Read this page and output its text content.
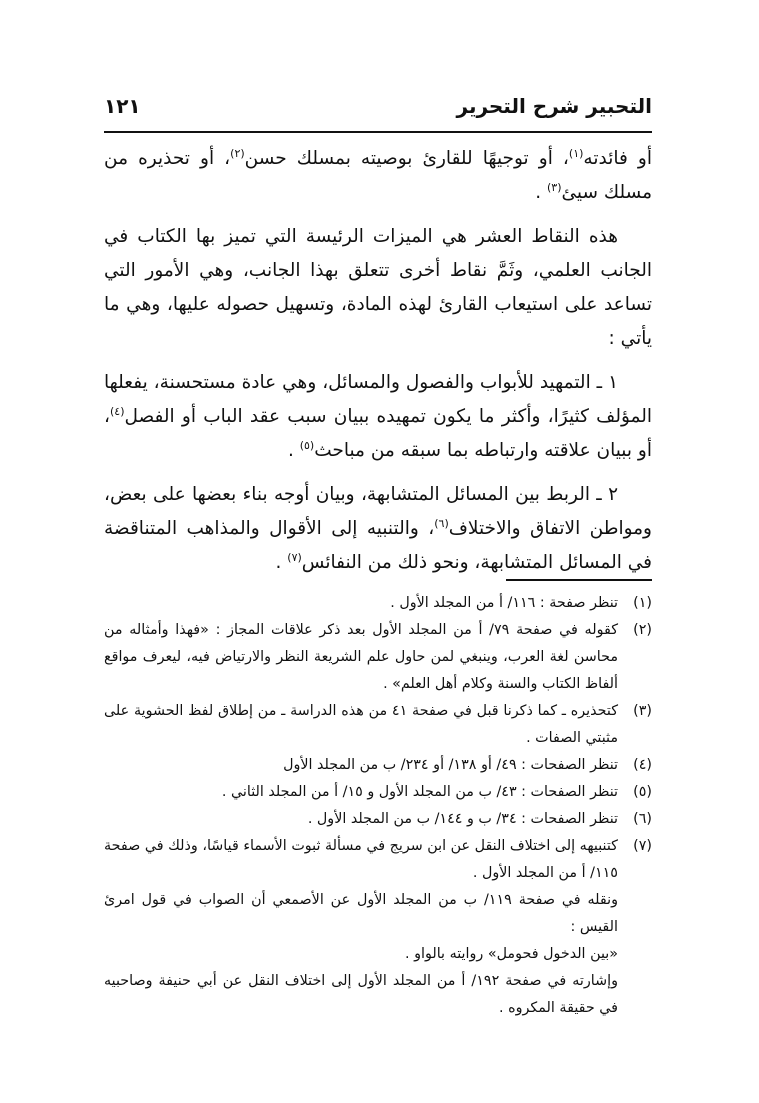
التحبير شرح التحرير
١٢١

أو فائدته$^{(١)}$، أو توجيهًا للقارئ بوصيته بمسلك حسن$^{(٢)}$، أو تحذيره من مسلك سيئ$^{(٣)}$ .

هذه النقاط العشر هي الميزات الرئيسة التي تميز بها الكتاب في الجانب العلمي، وثَمَّ نقاط أخرى تتعلق بهذا الجانب، وهي الأمور التي تساعد على استيعاب القارئ لهذه المادة، وتسهيل حصوله عليها، وهي ما يأتي :

١ ـ التمهيد للأبواب والفصول والمسائل، وهي عادة مستحسنة، يفعلها المؤلف كثيرًا، وأكثر ما يكون تمهيده ببيان سبب عقد الباب أو الفصل$^{(٤)}$، أو ببيان علاقته وارتباطه بما سبقه من مباحث$^{(٥)}$ .

٢ ـ الربط بين المسائل المتشابهة، وبيان أوجه بناء بعضها على بعض، ومواطن الاتفاق والاختلاف$^{(٦)}$، والتنبيه إلى الأقوال والمذاهب المتناقضة في المسائل المتشابهة، ونحو ذلك من النفائس$^{(٧)}$ .

(١)
تنظر صفحة : ١١٦/ أ من المجلد الأول .
(٢)
كقوله في صفحة ٧٩/ أ من المجلد الأول بعد ذكر علاقات المجاز : «فهذا وأمثاله من محاسن لغة العرب، وينبغي لمن حاول علم الشريعة النظر والارتياض فيه، ليعرف مواقع ألفاظ الكتاب والسنة وكلام أهل العلم» .
(٣)
كتحذيره ـ كما ذكرنا قبل في صفحة ٤١ من هذه الدراسة ـ من إطلاق لفظ الحشوية على مثبتي الصفات .
(٤)
تنظر الصفحات : ٤٩/ أو ١٣٨/ أو ٢٣٤/ ب من المجلد الأول
(٥)
تنظر الصفحات : ٤٣/ ب من المجلد الأول و ١٥/ أ من المجلد الثاني .
(٦)
تنظر الصفحات : ٣٤/ ب و ١٤٤/ ب من المجلد الأول .
(٧)
كتنبيهه إلى اختلاف النقل عن ابن سريج في مسألة ثبوت الأسماء قياسًا، وذلك في صفحة ١١٥/ أ من المجلد الأول .
ونقله في صفحة ١١٩/ ب من المجلد الأول عن الأصمعي أن الصواب في قول امرئ القيس :
«بين الدخول فحومل» روايته بالواو .
وإشارته في صفحة ١٩٢/ أ من المجلد الأول إلى اختلاف النقل عن أبي حنيفة وصاحبيه في حقيقة المكروه .
